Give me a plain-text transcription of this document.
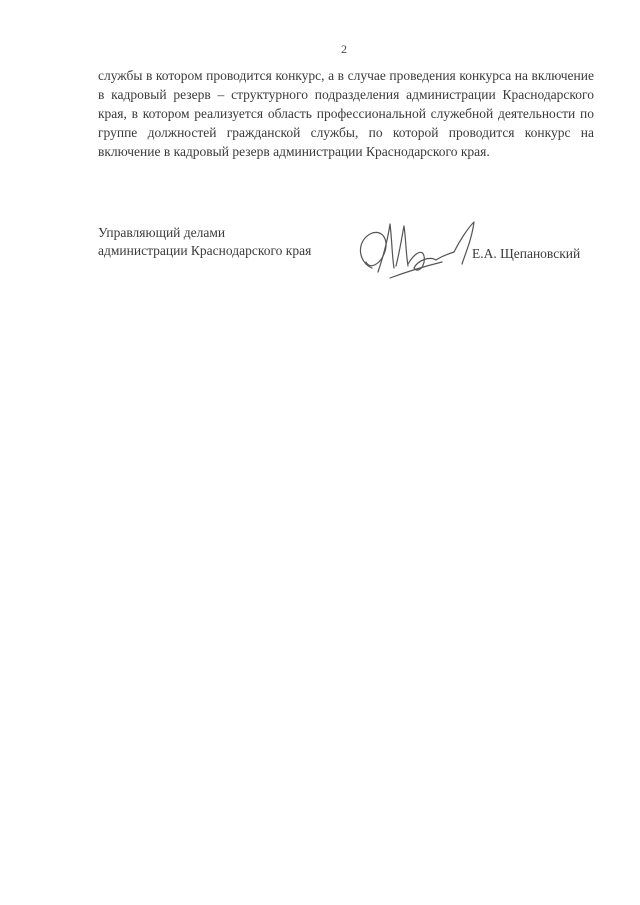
2

службы в котором проводится конкурс, а в случае проведения конкурса на включение в кадровый резерв – структурного подразделения администрации Краснодарского края, в котором реализуется область профессиональной служебной деятельности по группе должностей гражданской службы, по которой проводится конкурс на включение в кадровый резерв администрации Краснодарского края.

Управляющий делами
администрации Краснодарского края	Е.А. Щепановский
